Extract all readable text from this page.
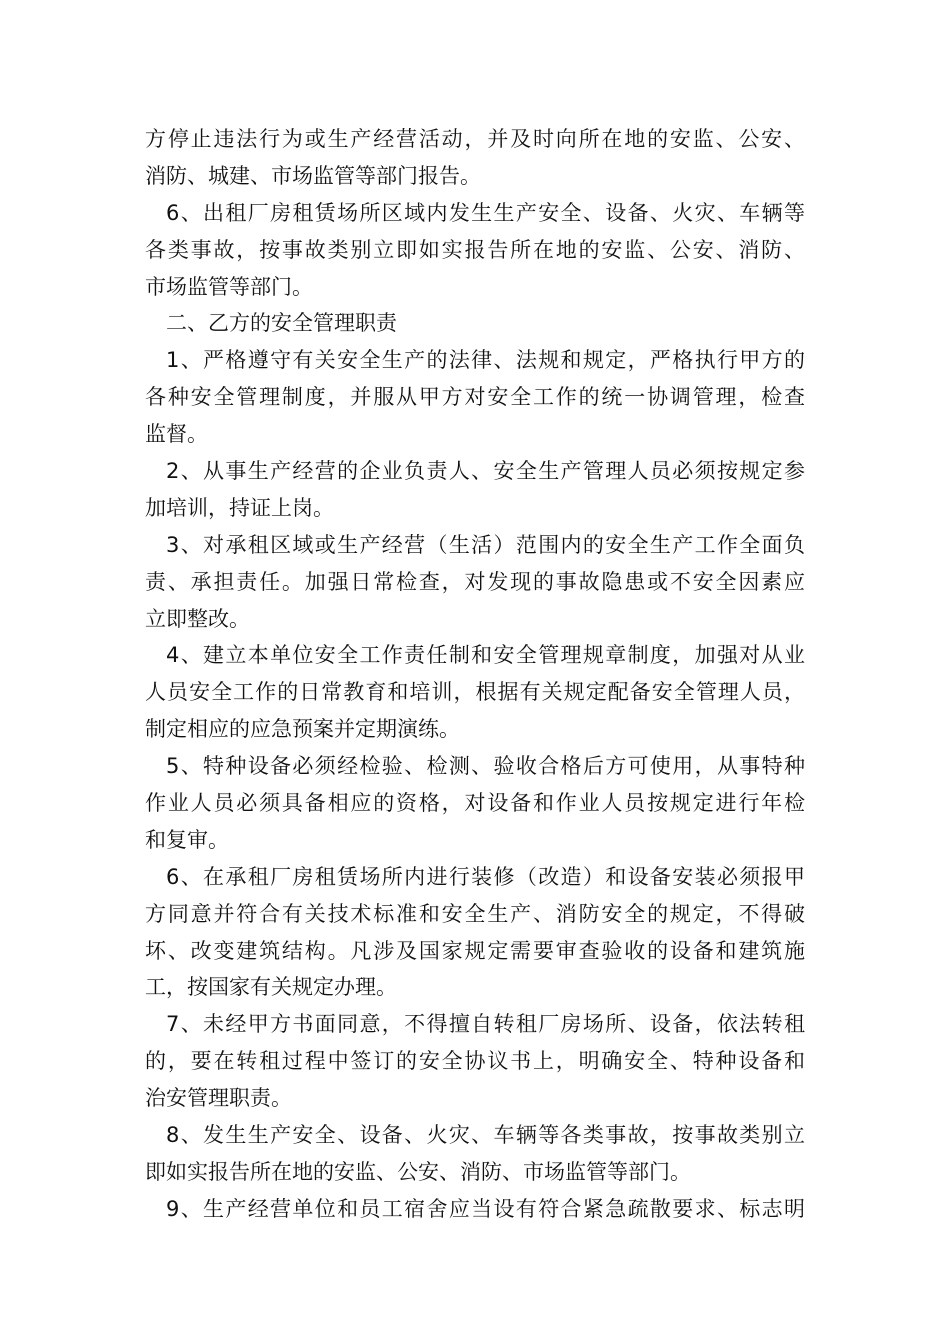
方停止违法行为或生产经营活动，并及时向所在地的安监、公安、
消防、城建、市场监管等部门报告。
6、出租厂房租赁场所区域内发生生产安全、设备、火灾、车辆等
各类事故，按事故类别立即如实报告所在地的安监、公安、消防、
市场监管等部门。
二、乙方的安全管理职责
1、严格遵守有关安全生产的法律、法规和规定，严格执行甲方的
各种安全管理制度，并服从甲方对安全工作的统一协调管理，检查
监督。
2、从事生产经营的企业负责人、安全生产管理人员必须按规定参
加培训，持证上岗。
3、对承租区域或生产经营（生活）范围内的安全生产工作全面负
责、承担责任。加强日常检查，对发现的事故隐患或不安全因素应
立即整改。
4、建立本单位安全工作责任制和安全管理规章制度，加强对从业
人员安全工作的日常教育和培训，根据有关规定配备安全管理人员，
制定相应的应急预案并定期演练。
5、特种设备必须经检验、检测、验收合格后方可使用，从事特种
作业人员必须具备相应的资格，对设备和作业人员按规定进行年检
和复审。
6、在承租厂房租赁场所内进行装修（改造）和设备安装必须报甲
方同意并符合有关技术标准和安全生产、消防安全的规定，不得破
坏、改变建筑结构。凡涉及国家规定需要审查验收的设备和建筑施
工，按国家有关规定办理。
7、未经甲方书面同意，不得擅自转租厂房场所、设备，依法转租
的，要在转租过程中签订的安全协议书上，明确安全、特种设备和
治安管理职责。
8、发生生产安全、设备、火灾、车辆等各类事故，按事故类别立
即如实报告所在地的安监、公安、消防、市场监管等部门。
9、生产经营单位和员工宿舍应当设有符合紧急疏散要求、标志明
